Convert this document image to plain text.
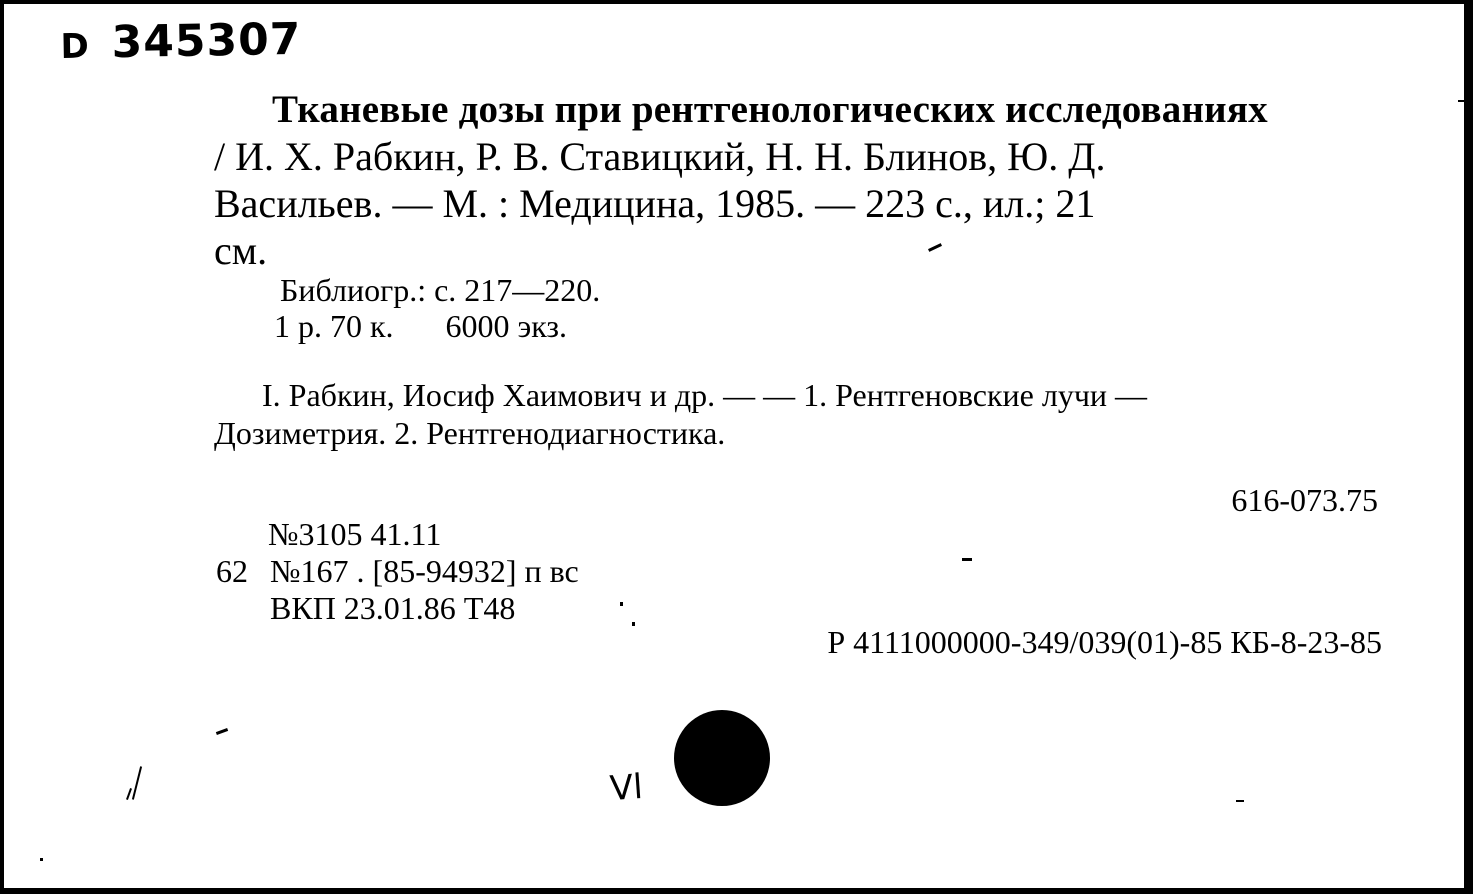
D 345307
Тканевые дозы при рентгенологических исследованиях
/ И. Х. Рабкин, Р. В. Ставицкий, Н. Н. Блинов, Ю. Д.
Васильев. — М. : Медицина, 1985. — 223 с., ил.; 21
см.
Библиогр.: с. 217—220.
1 р. 70 к. 6000 экз.
I. Рабкин, Иосиф Хаимович и др. — — 1. Рентгеновские лучи —
Дозиметрия. 2. Рентгенодиагностика.
616-073.75
№3105 41.11
62 №167 . [85-94932] п вс
ВКП 23.01.86 Т48
Р 4111000000-349/039(01)-85 КБ-8-23-85
Vl
